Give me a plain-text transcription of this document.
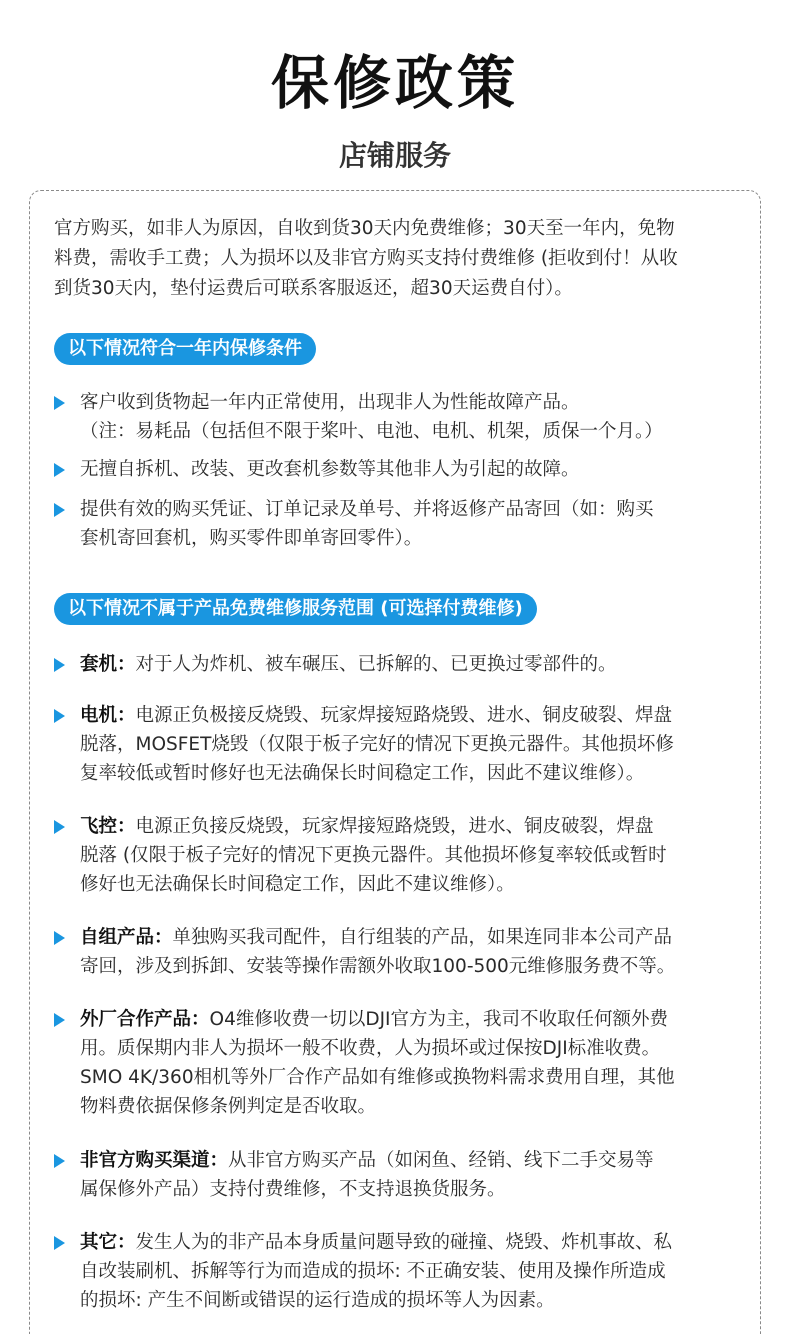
保修政策
店铺服务
官方购买，如非人为原因，自收到货30天内免费维修；30天至一年内，免物
料费，需收手工费；人为损坏以及非官方购买支持付费维修 (拒收到付！从收
到货30天内，垫付运费后可联系客服返还，超30天运费自付）。
以下情况符合一年内保修条件
客户收到货物起一年内正常使用，出现非人为性能故障产品。
（注：易耗品（包括但不限于桨叶、电池、电机、机架，质保一个月。）
无擅自拆机、改装、更改套机参数等其他非人为引起的故障。
提供有效的购买凭证、订单记录及单号、并将返修产品寄回（如：购买
套机寄回套机，购买零件即单寄回零件）。
以下情况不属于产品免费维修服务范围 (可选择付费维修)
套机：对于人为炸机、被车碾压、已拆解的、已更换过零部件的。
电机：电源正负极接反烧毁、玩家焊接短路烧毁、进水、铜皮破裂、焊盘
脱落，MOSFET烧毁（仅限于板子完好的情况下更换元器件。其他损坏修
复率较低或暂时修好也无法确保长时间稳定工作，因此不建议维修）。
飞控：电源正负接反烧毁，玩家焊接短路烧毁，进水、铜皮破裂，焊盘
脱落 (仅限于板子完好的情况下更换元器件。其他损坏修复率较低或暂时
修好也无法确保长时间稳定工作，因此不建议维修）。
自组产品：单独购买我司配件，自行组装的产品，如果连同非本公司产品
寄回，涉及到拆卸、安装等操作需额外收取100-500元维修服务费不等。
外厂合作产品：O4维修收费一切以DJI官方为主，我司不收取任何额外费
用。质保期内非人为损坏一般不收费，人为损坏或过保按DJI标准收费。
SMO 4K/360相机等外厂合作产品如有维修或换物料需求费用自理，其他
物料费依据保修条例判定是否收取。
非官方购买渠道：从非官方购买产品（如闲鱼、经销、线下二手交易等
属保修外产品）支持付费维修，不支持退换货服务。
其它：发生人为的非产品本身质量问题导致的碰撞、烧毁、炸机事故、私
自改装刷机、拆解等行为而造成的损坏: 不正确安装、使用及操作所造成
的损坏: 产生不间断或错误的运行造成的损坏等人为因素。
